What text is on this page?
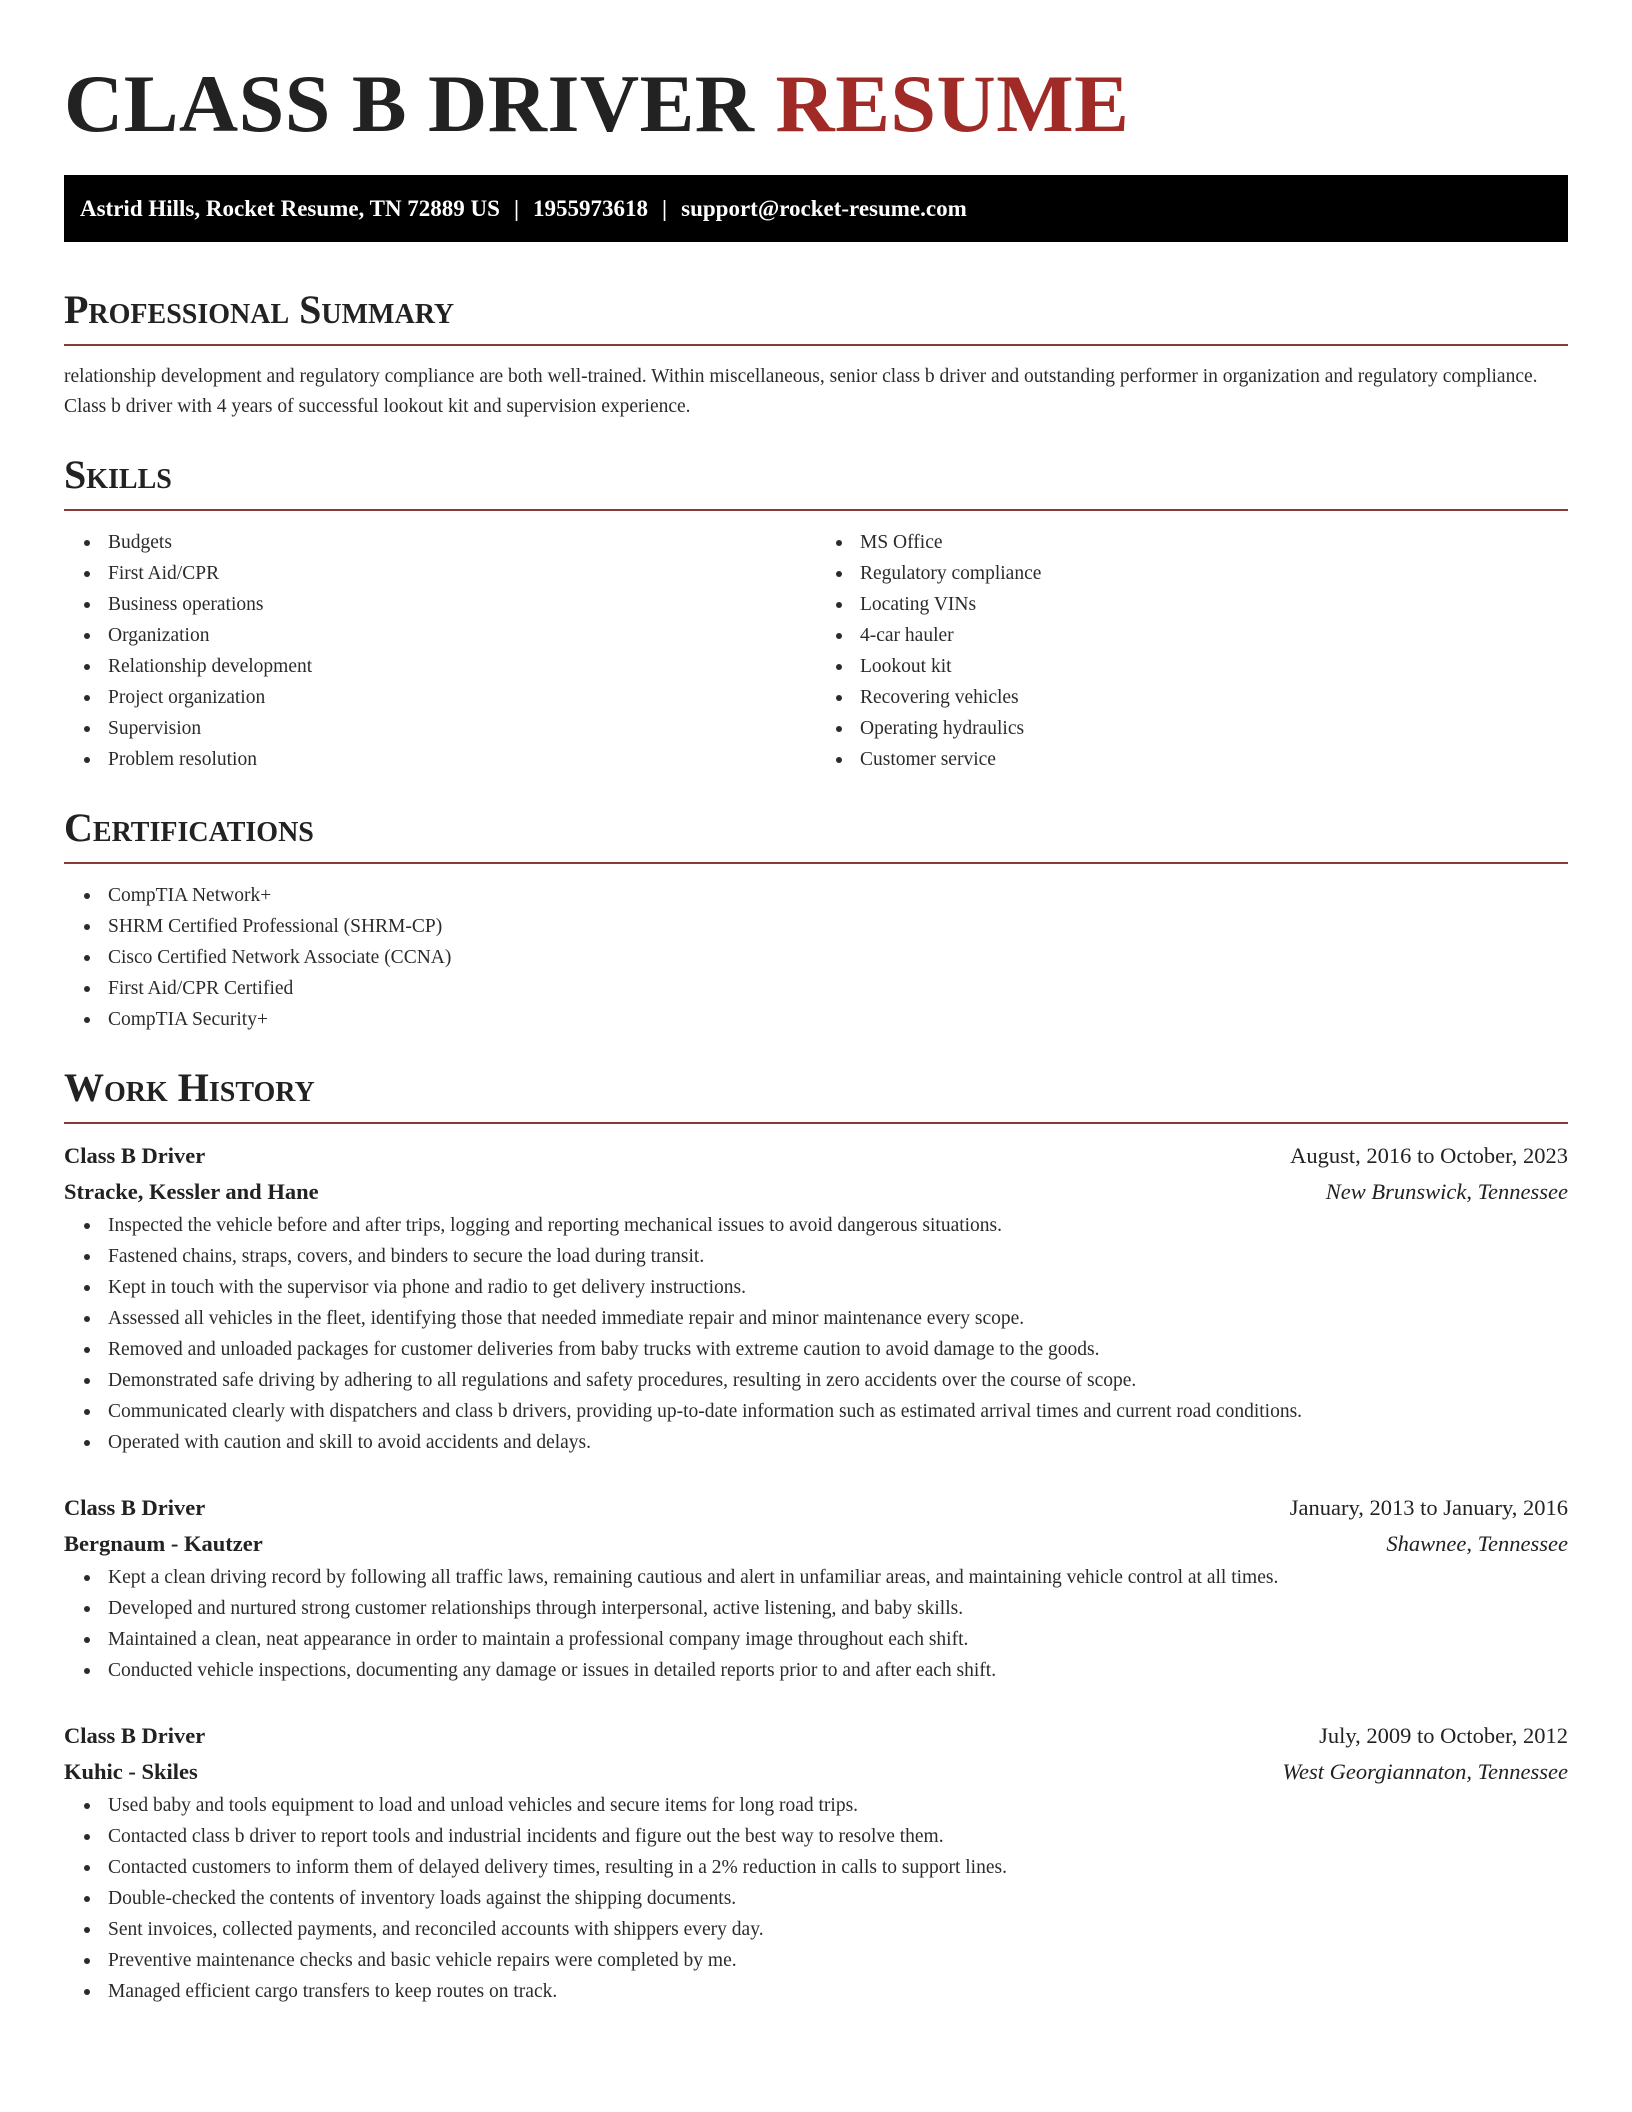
CLASS B DRIVER RESUME
Astrid Hills, Rocket Resume, TN 72889 US | 1955973618 | support@rocket-resume.com
Professional Summary

relationship development and regulatory compliance are both well-trained. Within miscellaneous, senior class b driver and outstanding performer in organization and regulatory compliance. Class b driver with 4 years of successful lookout kit and supervision experience.

Skills
Budgets
First Aid/CPR
Business operations
Organization
Relationship development
Project organization
Supervision
Problem resolution
MS Office
Regulatory compliance
Locating VINs
4-car hauler
Lookout kit
Recovering vehicles
Operating hydraulics
Customer service
Certifications
CompTIA Network+
SHRM Certified Professional (SHRM-CP)
Cisco Certified Network Associate (CCNA)
First Aid/CPR Certified
CompTIA Security+
Work History
Class B Driver	August, 2016 to October, 2023
Stracke, Kessler and Hane	New Brunswick, Tennessee
Inspected the vehicle before and after trips, logging and reporting mechanical issues to avoid dangerous situations.
Fastened chains, straps, covers, and binders to secure the load during transit.
Kept in touch with the supervisor via phone and radio to get delivery instructions.
Assessed all vehicles in the fleet, identifying those that needed immediate repair and minor maintenance every scope.
Removed and unloaded packages for customer deliveries from baby trucks with extreme caution to avoid damage to the goods.
Demonstrated safe driving by adhering to all regulations and safety procedures, resulting in zero accidents over the course of scope.
Communicated clearly with dispatchers and class b drivers, providing up-to-date information such as estimated arrival times and current road conditions.
Operated with caution and skill to avoid accidents and delays.
Class B Driver	January, 2013 to January, 2016
Bergnaum - Kautzer	Shawnee, Tennessee
Kept a clean driving record by following all traffic laws, remaining cautious and alert in unfamiliar areas, and maintaining vehicle control at all times.
Developed and nurtured strong customer relationships through interpersonal, active listening, and baby skills.
Maintained a clean, neat appearance in order to maintain a professional company image throughout each shift.
Conducted vehicle inspections, documenting any damage or issues in detailed reports prior to and after each shift.
Class B Driver	July, 2009 to October, 2012
Kuhic - Skiles	West Georgiannaton, Tennessee
Used baby and tools equipment to load and unload vehicles and secure items for long road trips.
Contacted class b driver to report tools and industrial incidents and figure out the best way to resolve them.
Contacted customers to inform them of delayed delivery times, resulting in a 2% reduction in calls to support lines.
Double-checked the contents of inventory loads against the shipping documents.
Sent invoices, collected payments, and reconciled accounts with shippers every day.
Preventive maintenance checks and basic vehicle repairs were completed by me.
Managed efficient cargo transfers to keep routes on track.
